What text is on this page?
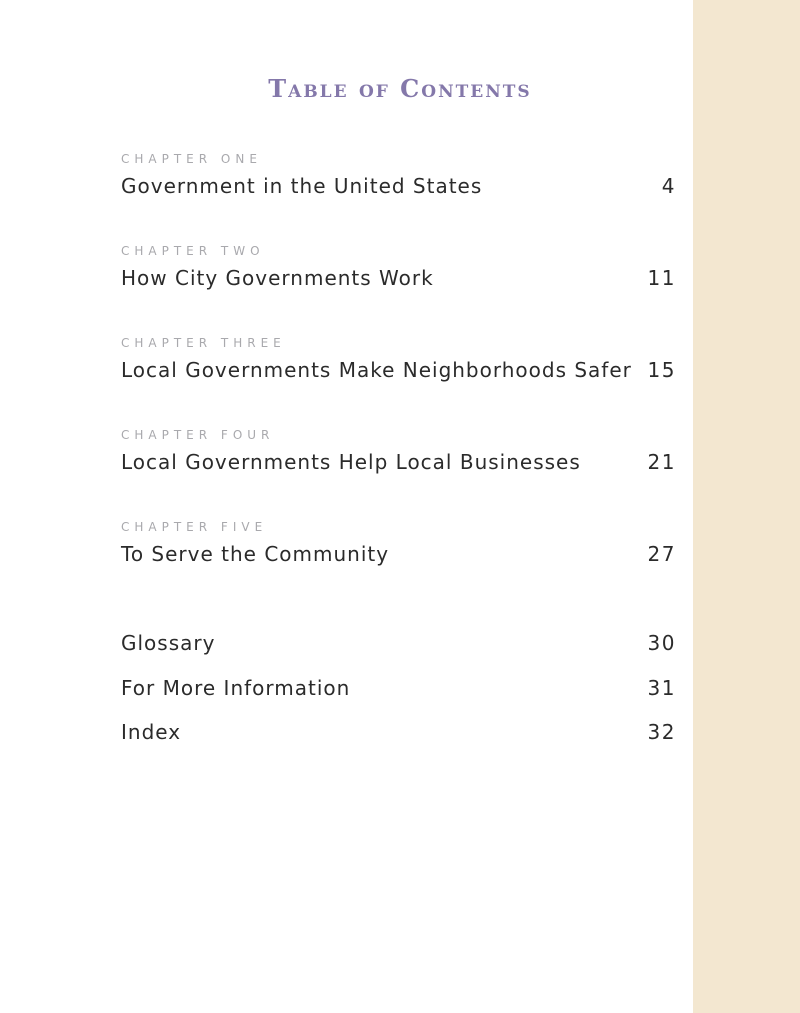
Table of Contents
CHAPTER ONE
Government in the United States	4
CHAPTER TWO
How City Governments Work	11
CHAPTER THREE
Local Governments Make Neighborhoods Safer 15
CHAPTER FOUR
Local Governments Help Local Businesses	21
CHAPTER FIVE
To Serve the Community	27
Glossary	30
For More Information	31
Index	32
